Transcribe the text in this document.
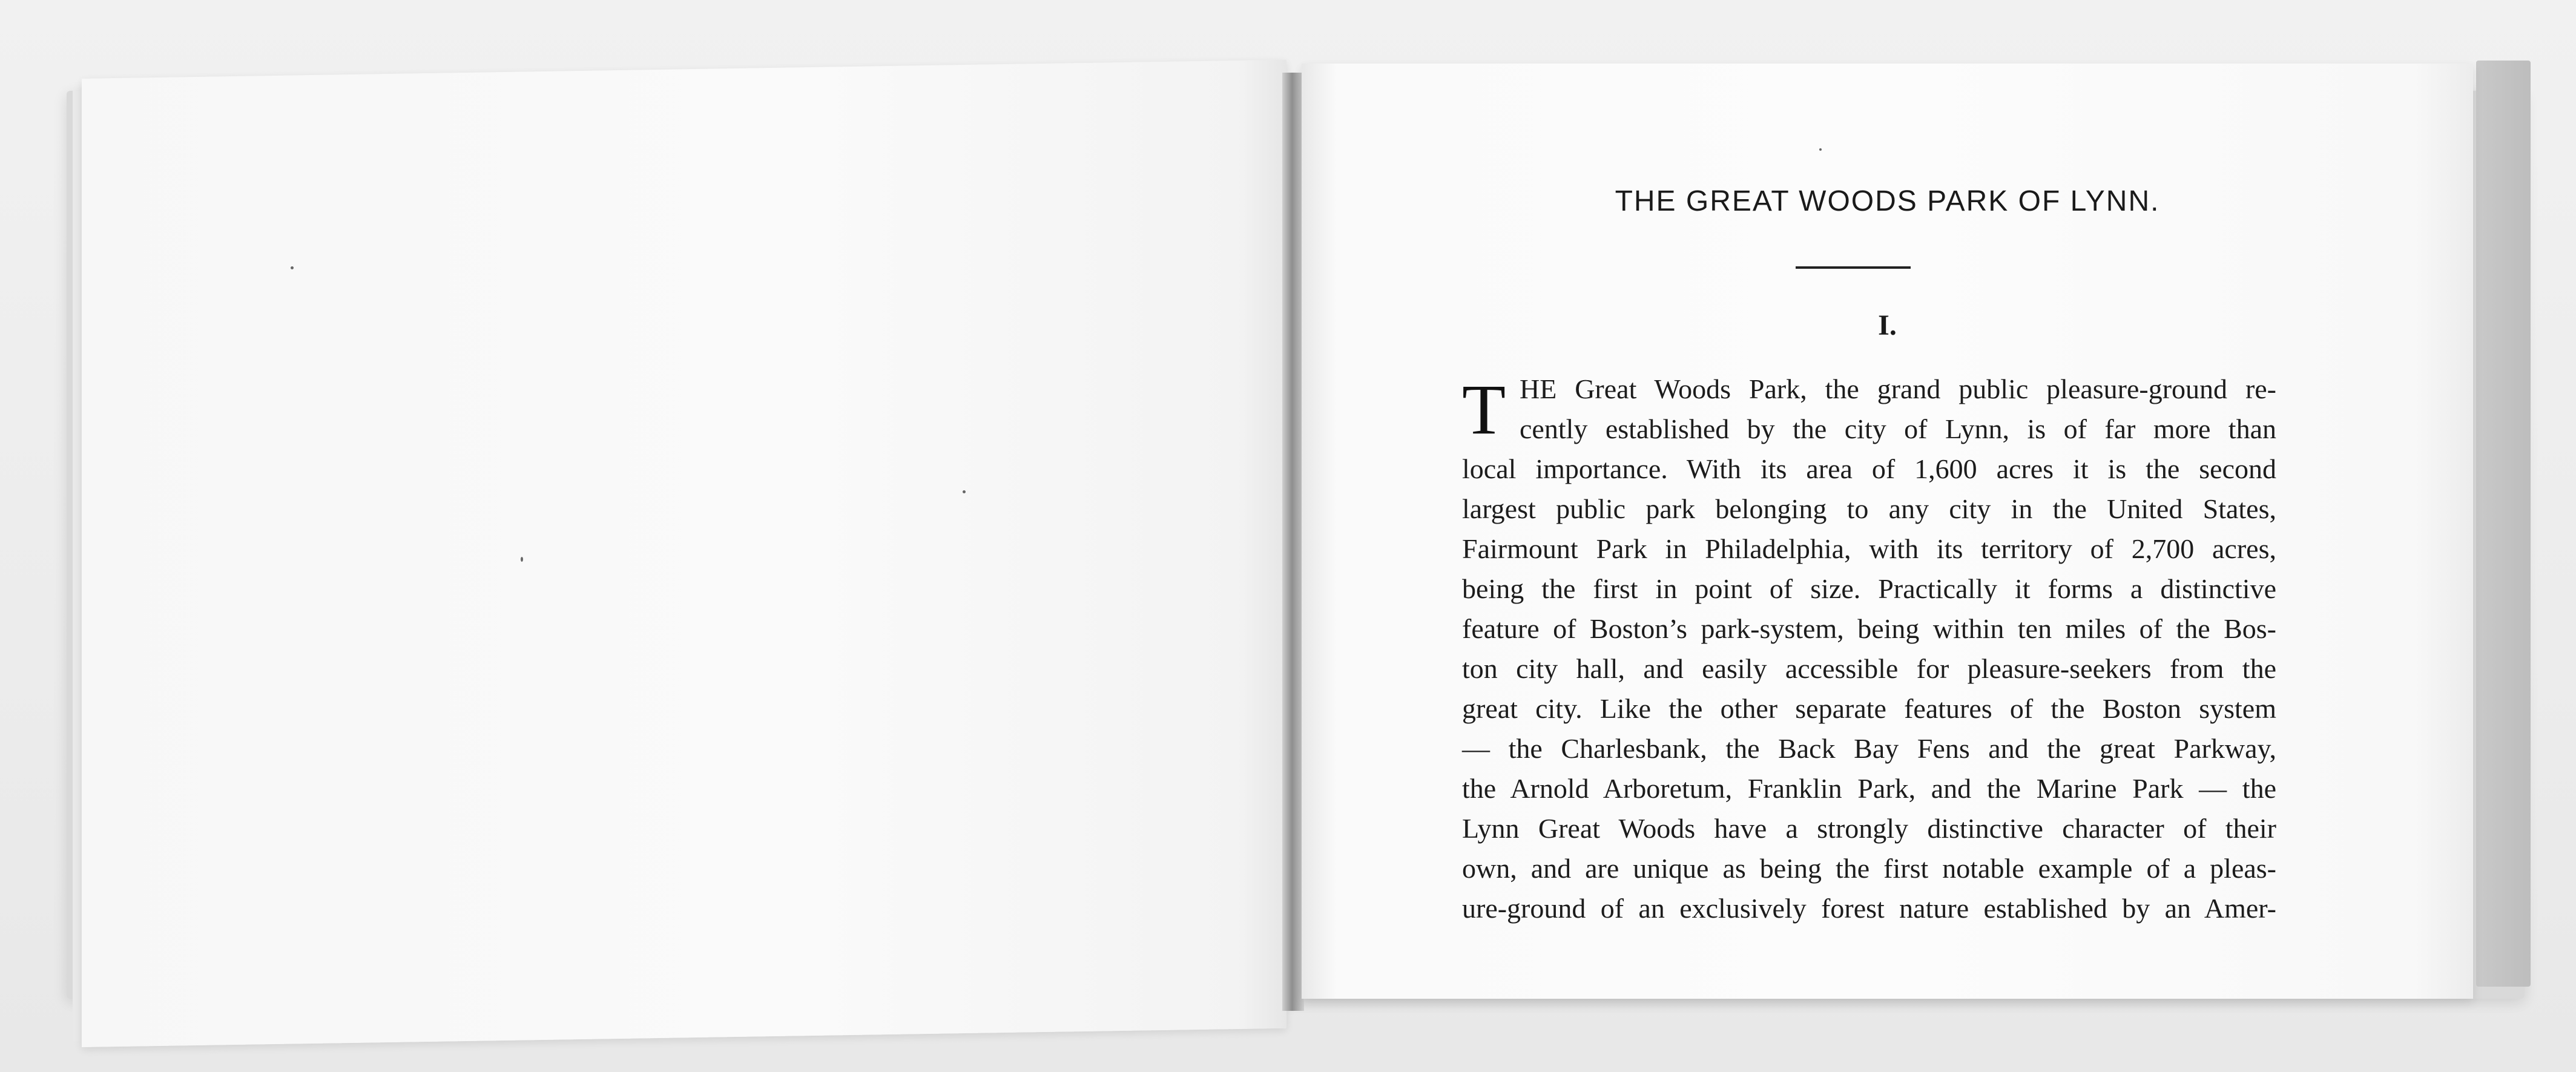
THE GREAT WOODS PARK OF LYNN.
I.
T HE Great Woods Park, the grand public pleasure-ground re-
cently established by the city of Lynn, is of far more than
local importance. With its area of 1,600 acres it is the second
largest public park belonging to any city in the United States,
Fairmount Park in Philadelphia, with its territory of 2,700 acres,
being the first in point of size. Practically it forms a distinctive
feature of Boston’s park-system, being within ten miles of the Bos-
ton city hall, and easily accessible for pleasure-seekers from the
great city. Like the other separate features of the Boston system
— the Charlesbank, the Back Bay Fens and the great Parkway,
the Arnold Arboretum, Franklin Park, and the Marine Park — the
Lynn Great Woods have a strongly distinctive character of their
own, and are unique as being the first notable example of a pleas-
ure-ground of an exclusively forest nature established by an Amer-
